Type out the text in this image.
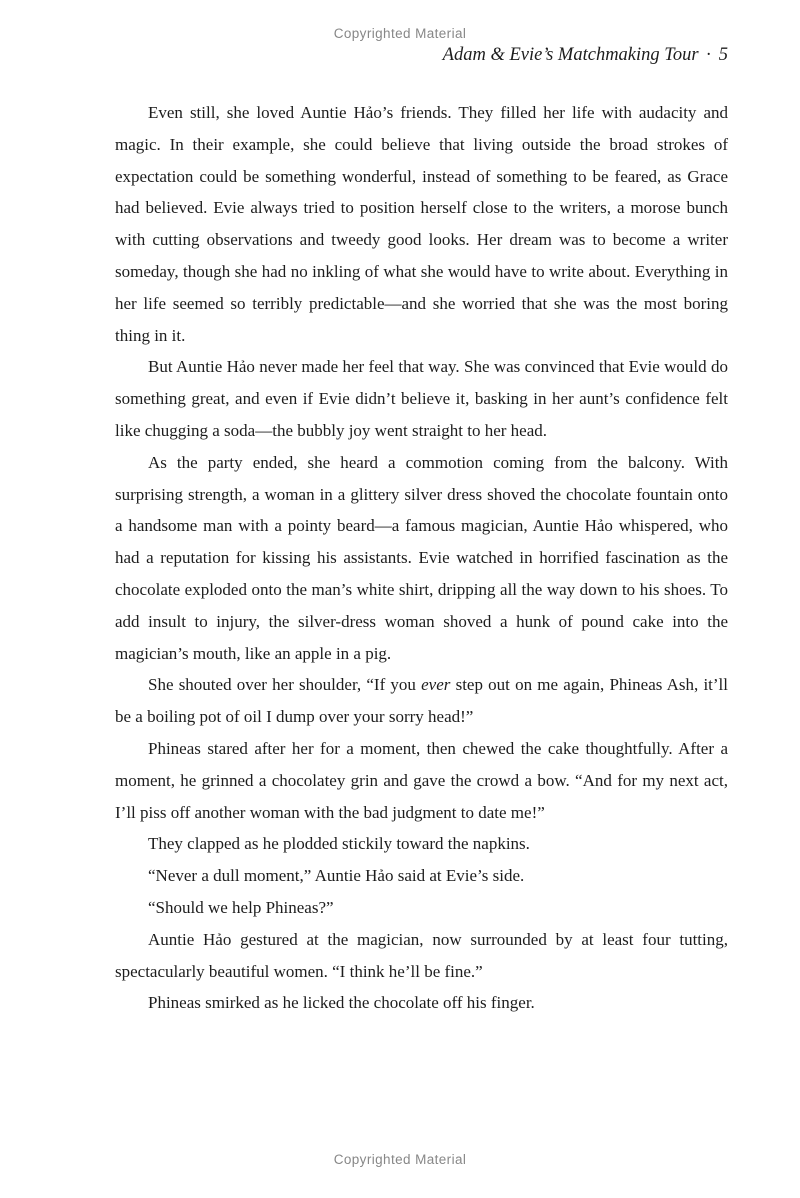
Copyrighted Material
Adam & Evie’s Matchmaking Tour · 5

Even still, she loved Auntie Hảo’s friends. They filled her life with audacity and magic. In their example, she could believe that living outside the broad strokes of expectation could be something wonderful, instead of something to be feared, as Grace had believed. Evie always tried to position herself close to the writers, a morose bunch with cutting observations and tweedy good looks. Her dream was to become a writer someday, though she had no inkling of what she would have to write about. Everything in her life seemed so terribly predictable—and she worried that she was the most boring thing in it.

But Auntie Hảo never made her feel that way. She was convinced that Evie would do something great, and even if Evie didn’t believe it, basking in her aunt’s confidence felt like chugging a soda—the bubbly joy went straight to her head.

As the party ended, she heard a commotion coming from the balcony. With surprising strength, a woman in a glittery silver dress shoved the chocolate fountain onto a handsome man with a pointy beard—a famous magician, Auntie Hảo whispered, who had a reputation for kissing his assistants. Evie watched in horrified fascination as the chocolate exploded onto the man’s white shirt, dripping all the way down to his shoes. To add insult to injury, the silver-dress woman shoved a hunk of pound cake into the magician’s mouth, like an apple in a pig.

She shouted over her shoulder, “If you ever step out on me again, Phineas Ash, it’ll be a boiling pot of oil I dump over your sorry head!”

Phineas stared after her for a moment, then chewed the cake thoughtfully. After a moment, he grinned a chocolatey grin and gave the crowd a bow. “And for my next act, I’ll piss off another woman with the bad judgment to date me!”

They clapped as he plodded stickily toward the napkins.

“Never a dull moment,” Auntie Hảo said at Evie’s side.

“Should we help Phineas?”

Auntie Hảo gestured at the magician, now surrounded by at least four tutting, spectacularly beautiful women. “I think he’ll be fine.”

Phineas smirked as he licked the chocolate off his finger.

Copyrighted Material
